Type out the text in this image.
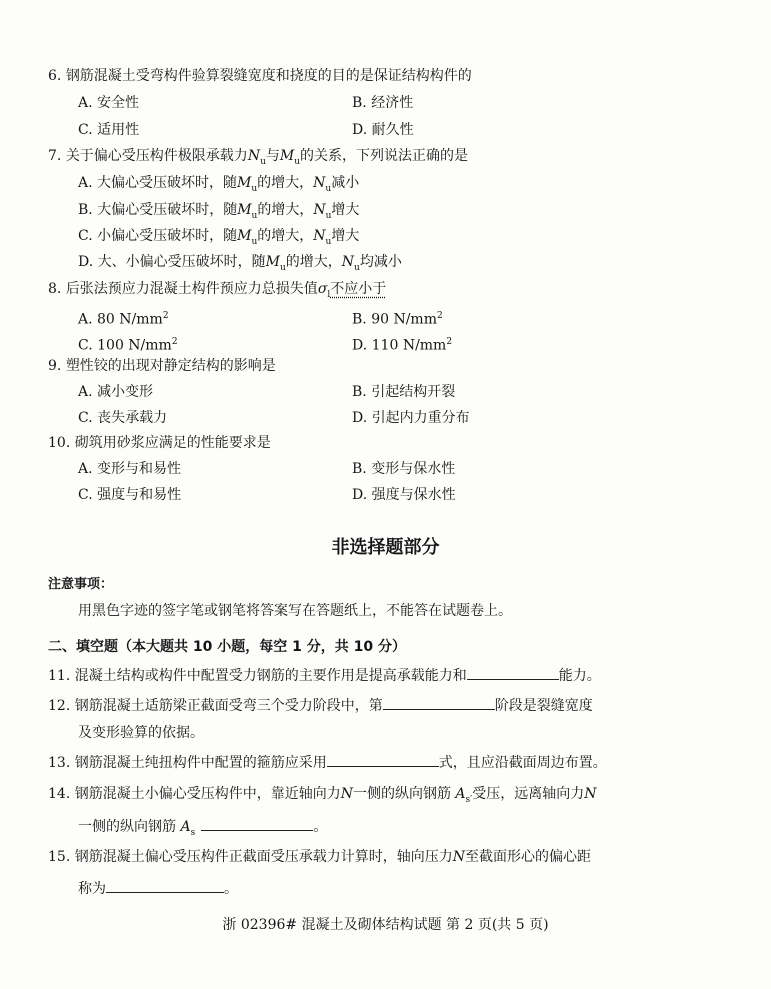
6. 钢筋混凝土受弯构件验算裂缝宽度和挠度的目的是保证结构构件的
A. 安全性	B. 经济性
C. 适用性	D. 耐久性
7. 关于偏心受压构件极限承载力$N_u$与$M_u$的关系，下列说法正确的是
A. 大偏心受压破坏时，随$M_u$的增大，$N_u$减小
B. 大偏心受压破坏时，随$M_u$的增大，$N_u$增大
C. 小偏心受压破坏时，随$M_u$的增大，$N_u$增大
D. 大、小偏心受压破坏时，随$M_u$的增大，$N_u$均减小
8. 后张法预应力混凝土构件预应力总损失值$\sigma_l$不应小于
A. 80 $N/mm^2$	B. 90 $N/mm^2$
C. 100 $N/mm^2$	D. 110 $N/mm^2$
9. 塑性铰的出现对静定结构的影响是
A. 减小变形	B. 引起结构开裂
C. 丧失承载力	D. 引起内力重分布
10. 砌筑用砂浆应满足的性能要求是
A. 变形与和易性	B. 变形与保水性
C. 强度与和易性	D. 强度与保水性
非选择题部分
注意事项：
用黑色字迹的签字笔或钢笔将答案写在答题纸上，不能答在试题卷上。
二、填空题（本大题共 10 小题，每空 1 分，共 10 分）
11. 混凝土结构或构件中配置受力钢筋的主要作用是提高承载能力和	能力。
12. 钢筋混凝土适筋梁正截面受弯三个受力阶段中，第	阶段是裂缝宽度
及变形验算的依据。
13. 钢筋混凝土纯扭构件中配置的箍筋应采用	式，且应沿截面周边布置。
14. 钢筋混凝土小偏心受压构件中，靠近轴向力N一侧的纵向钢筋 $A_{s'}$受压，远离轴向力N
一侧的纵向钢筋 $A_s$	。
15. 钢筋混凝土偏心受压构件正截面受压承载力计算时，轴向压力N至截面形心的偏心距
称为	。
浙 02396# 混凝土及砌体结构试题 第 2 页(共 5 页)
